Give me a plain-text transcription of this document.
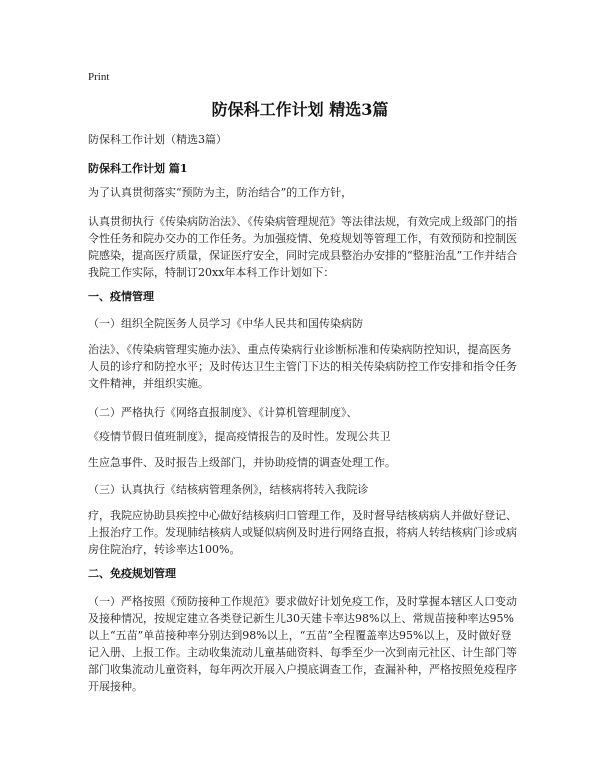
Print
防保科工作计划 精选3篇
防保科工作计划（精选3篇）
防保科工作计划 篇1
为了认真贯彻落实“预防为主，防治结合”的工作方针，
认真贯彻执行《传染病防治法》、《传染病管理规范》等法律法规，有效完成上级部门的指令性任务和院办交办的工作任务。为加强疫情、免疫规划等管理工作，有效预防和控制医院感染，提高医疗质量，保证医疗安全，同时完成县整治办安排的“整脏治乱”工作并结合我院工作实际，特制订20xx年本科工作计划如下：
一、疫情管理
（一）组织全院医务人员学习《中华人民共和国传染病防
治法》、《传染病管理实施办法》、重点传染病行业诊断标准和传染病防控知识，提高医务人员的诊疗和防控水平；及时传达卫生主管门下达的相关传染病防控工作安排和指令任务文件精神，并组织实施。
（二）严格执行《网络直报制度》、《计算机管理制度》、
《疫情节假日值班制度》，提高疫情报告的及时性。发现公共卫
生应急事件、及时报告上级部门，并协助疫情的调查处理工作。
（三）认真执行《结核病管理条例》，结核病将转入我院诊
疗，我院应协助县疾控中心做好结核病归口管理工作，及时督导结核病病人并做好登记、上报治疗工作。发现肺结核病人或疑似病例及时进行网络直报，将病人转结核病门诊或病房住院治疗，转诊率达100%。
二、免疫规划管理
（一）严格按照《预防接种工作规范》要求做好计划免疫工作，及时掌握本辖区人口变动及接种情况，按规定建立各类登记新生儿30天建卡率达98%以上、常规苗接种率达95%以上“五苗”单苗接种率分别达到98%以上，“五苗”全程覆盖率达95%以上，及时做好登记入册、上报工作。主动收集流动儿童基础资料、每季至少一次到南元社区、计生部门等部门收集流动儿童资料，每年两次开展入户摸底调查工作，查漏补种，严格按照免疫程序开展接种。
